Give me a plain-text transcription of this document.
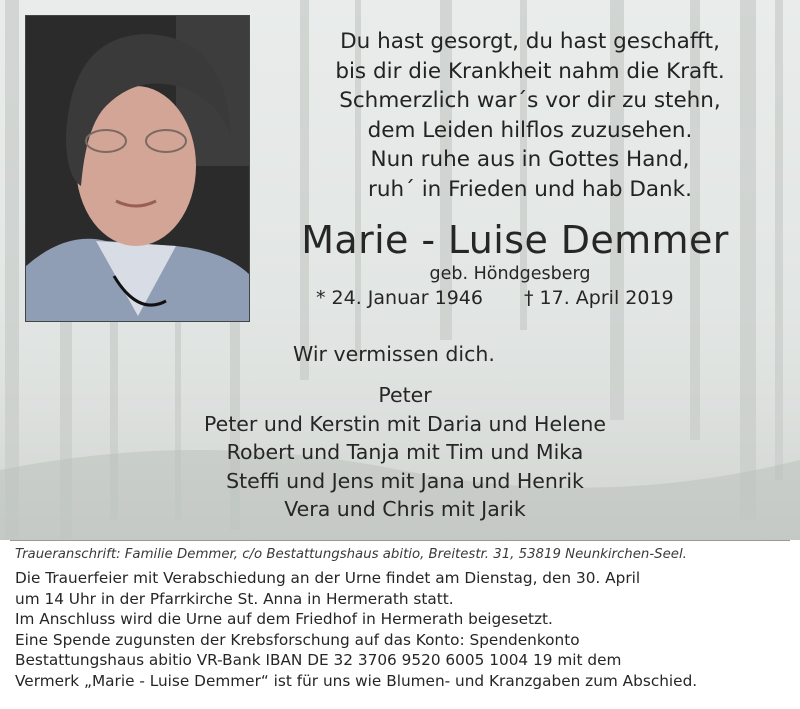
Du hast gesorgt, du hast geschafft,
bis dir die Krankheit nahm die Kraft.
Schmerzlich war´s vor dir zu stehn,
dem Leiden hilflos zuzusehen.
Nun ruhe aus in Gottes Hand,
ruh´ in Frieden und hab Dank.
Marie - Luise Demmer
geb. Höndgesberg
* 24. Januar 1946 † 17. April 2019
Wir vermissen dich.
Peter
Peter und Kerstin mit Daria und Helene
Robert und Tanja mit Tim und Mika
Steffi und Jens mit Jana und Henrik
Vera und Chris mit Jarik
Traueranschrift: Familie Demmer, c/o Bestattungshaus abitio, Breitestr. 31, 53819 Neunkirchen-Seel.
Die Trauerfeier mit Verabschiedung an der Urne findet am Dienstag, den 30. April
um 14 Uhr in der Pfarrkirche St. Anna in Hermerath statt.
Im Anschluss wird die Urne auf dem Friedhof in Hermerath beigesetzt.
Eine Spende zugunsten der Krebsforschung auf das Konto: Spendenkonto
Bestattungshaus abitio VR-Bank IBAN DE 32 3706 9520 6005 1004 19 mit dem
Vermerk „Marie - Luise Demmer“ ist für uns wie Blumen- und Kranzgaben zum Abschied.
